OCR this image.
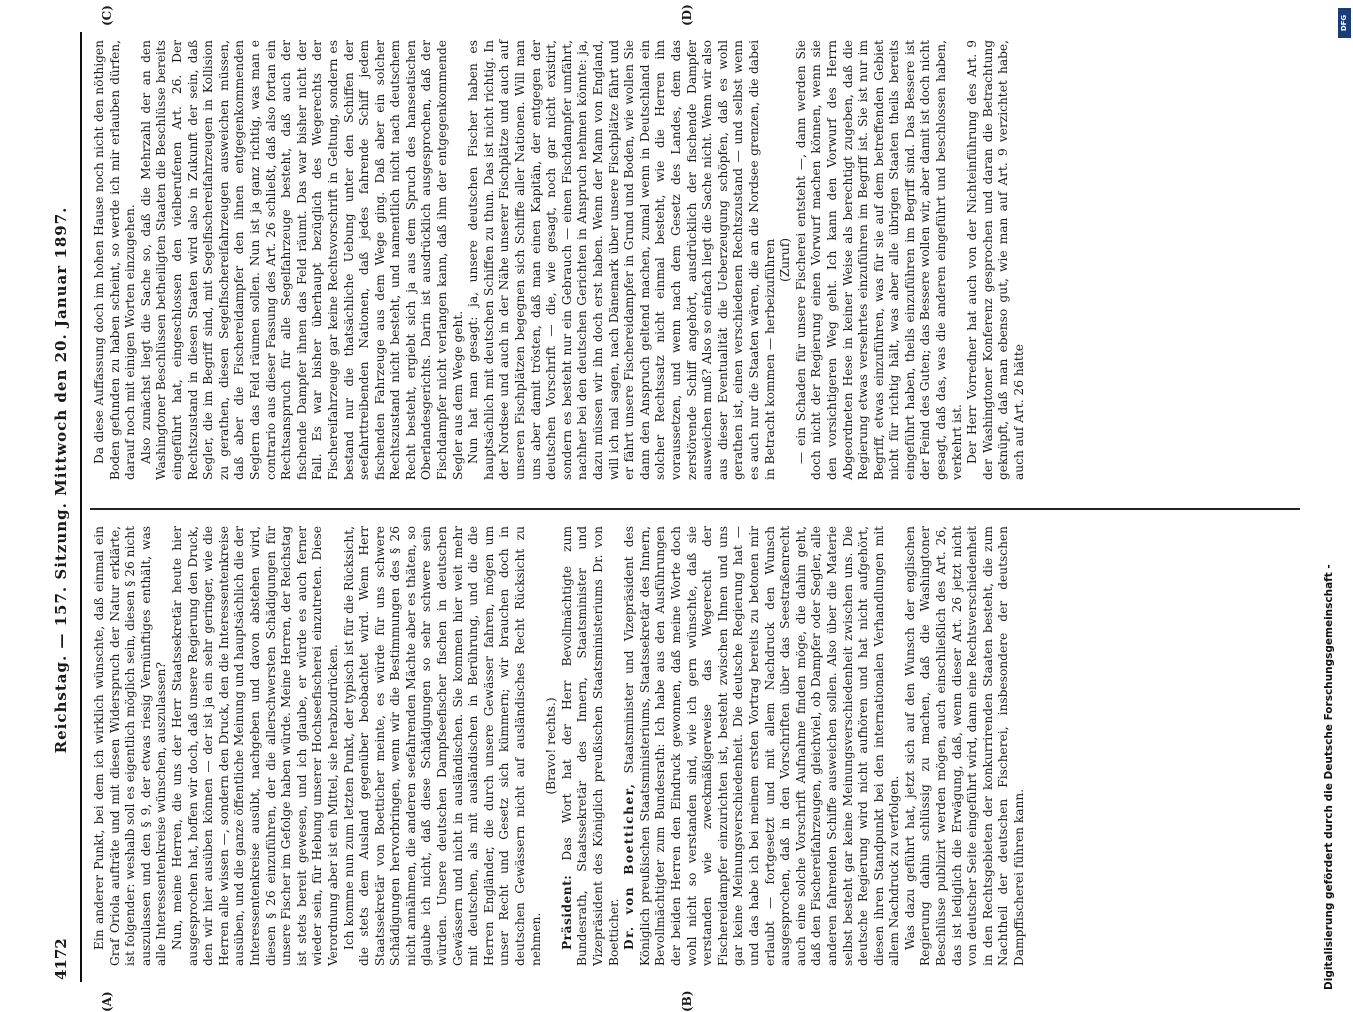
4172
Reichstag. — 157. Sitzung. Mittwoch den 20. Januar 1897.
(A)	(B)
(C)	(D)

Ein anderer Punkt, bei dem ich wirklich wünschte, daß einmal ein Graf Oriola aufträte und mit diesen Widerspruch der Natur erklärte, ist folgender: weshalb soll es eigentlich möglich sein, diesen § 26 nicht auszulassen und den § 9, der etwas riesig Vernünftiges enthält, was alle Interessentenkreise wünschen, auszulassen? Nun, meine Herren, die uns der Herr Staatssekretär heute hier ausgesprochen hat, hoffen wir doch, daß unsere Regierung den Druck, den wir hier ausüben können — der ist ja ein sehr geringer, wie die Herren alle wissen —, sondern den Druck, den die Interessentenkreise ausüben, und die ganze öffentliche Meinung und hauptsächlich die der Interessentenkreise ausübt, nachgeben und davon abstehen wird, diesen § 26 einzuführen, der die allerschwersten Schädigungen für unsere Fischer im Gefolge haben würde. Meine Herren, der Reichstag ist stets bereit gewesen, und ich glaube, er würde es auch ferner wieder sein, für Hebung unserer Hochseefischerei einzutreten. Diese Verordnung aber ist ein Mittel, sie herabzudrücken. Ich komme nun zum letzten Punkt, der typisch ist für die Rücksicht, die stets dem Ausland gegenüber beobachtet wird. Wenn Herr Staatssekretär von Boetticher meinte, es würde für uns schwere Schädigungen hervorbringen, wenn wir die Bestimmungen des § 26 nicht annähmen, die anderen seefahrenden Mächte aber es thäten, so glaube ich nicht, daß diese Schädigungen so sehr schwere sein würden. Unsere deutschen Dampfseefischer fischen in deutschen Gewässern und nicht in ausländischen. Sie kommen hier weit mehr mit deutschen, als mit ausländischen in Berührung, und die die Herren Engländer, die durch unsere Gewässer fahren, mögen um unser Recht und Gesetz sich kümmern; wir brauchen doch in deutschen Gewässern nicht auf ausländisches Recht Rücksicht zu nehmen.

(Bravo! rechts.)

Präsident: Das Wort hat der Herr Bevollmächtigte zum Bundesrath, Staatssekretär des Innern, Staatsminister und Vizepräsident des Königlich preußischen Staatsministeriums Dr. von Boetticher. Dr. von Boetticher, Staatsminister und Vizepräsident des Königlich preußischen Staatsministeriums, Staatssekretär des Innern, Bevollmächtigter zum Bundesrath: Ich habe aus den Ausführungen der beiden Herren den Eindruck gewonnen, daß meine Worte doch wohl nicht so verstanden sind, wie ich gern wünschte, daß sie verstanden wie zweckmäßigerweise das Wegerecht der Fischereidampfer einzurichten ist, besteht zwischen Ihnen und uns gar keine Meinungsverschiedenheit. Die deutsche Regierung hat — und das habe ich bei meinem ersten Vortrag bereits zu betonen mir erlaubt — fortgesetzt und mit allem Nachdruck den Wunsch ausgesprochen, daß in den Vorschriften über das Seestraßenrecht auch eine solche Vorschrift Aufnahme finden möge, die dahin geht, daß den Fischereifahrzeugen, gleichviel, ob Dampfer oder Segler, alle anderen fahrenden Schiffe ausweichen sollen. Also über die Materie selbst besteht gar keine Meinungsverschiedenheit zwischen uns. Die deutsche Regierung wird nicht aufhören und hat nicht aufgehört, diesen ihren Standpunkt bei den internationalen Verhandlungen mit allem Nachdruck zu verfolgen. Was dazu geführt hat, jetzt sich auf den Wunsch der englischen Regierung dahin schlüssig zu machen, daß die Washingtoner Beschlüsse publizirt werden mögen, auch einschließlich des Art. 26, das ist lediglich die Erwägung, daß, wenn dieser Art. 26 jetzt nicht von deutscher Seite eingeführt wird, dann eine Rechtsverschiedenheit in den Rechtsgebieten der konkurrirenden Staaten besteht, die zum Nachtheil der deutschen Fischerei, insbesondere der deutschen Dampffischerei führen kann.

Da diese Auffassung doch im hohen Hause noch nicht den nöthigen Boden gefunden zu haben scheint, so werde ich mir erlauben dürfen, darauf noch mit einigen Worten einzugehen. Also zunächst liegt die Sache so, daß die Mehrzahl der an den Washingtoner Beschlüssen betheiligten Staaten die Beschlüsse bereits eingeführt hat, eingeschlossen den vielberufenen Art. 26. Der Rechtszustand in diesen Staaten wird also in Zukunft der sein, daß Segler, die im Begriff sind, mit Segelfischereifahrzeugen in Kollision zu gerathen, diesen Segelfischereifahrzeugen ausweichen müssen, daß aber die Fischereidampfer den ihnen entgegenkommenden Seglern das Feld räumen sollen. Nun ist ja ganz richtig, was man e contrario aus dieser Fassung des Art. 26 schließt, daß also fortan ein Rechtsanspruch für alle Segelfahrzeuge besteht, daß auch der fischende Dampfer ihnen das Feld räumt. Das war bisher nicht der Fall. Es war bisher überhaupt bezüglich des Wegerechts der Fischereifahrzeuge gar keine Rechtsvorschrift in Geltung, sondern es bestand nur die thatsächliche Uebung unter den Schiffen der seefahrttreibenden Nationen, daß jedes fahrende Schiff jedem fischenden Fahrzeuge aus dem Wege ging. Daß aber ein solcher Rechtszustand nicht besteht, und namentlich nicht nach deutschem Recht besteht, ergiebt sich ja aus dem Spruch des hanseatischen Oberlandesgerichts. Darin ist ausdrücklich ausgesprochen, daß der Fischdampfer nicht verlangen kann, daß ihm der entgegenkommende Segler aus dem Wege geht. Nun hat man gesagt: ja, unsere deutschen Fischer haben es hauptsächlich mit deutschen Schiffen zu thun. Das ist nicht richtig. In der Nordsee und auch in der Nähe unserer Fischplätze und auch auf unseren Fischplätzen begegnen sich Schiffe aller Nationen. Will man uns aber damit trösten, daß man einen Kapitän, der entgegen der deutschen Vorschrift — die, wie gesagt, noch gar nicht existirt, sondern es besteht nur ein Gebrauch — einen Fischdampfer umfährt, nachher bei den deutschen Gerichten in Anspruch nehmen könnte: ja, dazu müssen wir ihn doch erst haben. Wenn der Mann von England, will ich mal sagen, nach Dänemark über unsere Fischplätze fährt und er fährt unsere Fischereidampfer in Grund und Boden, wie wollen Sie dann den Anspruch geltend machen, zumal wenn in Deutschland ein solcher Rechtssatz nicht einmal besteht, wie die Herren ihn voraussetzen, und wenn nach dem Gesetz des Landes, dem das zerstörende Schiff angehört, ausdrücklich der fischende Dampfer ausweichen muß? Also so einfach liegt die Sache nicht. Wenn wir also aus dieser Eventualität die Ueberzeugung schöpfen, daß es wohl gerathen ist, einen verschiedenen Rechtszustand — und selbst wenn es auch nur die Staaten wären, die an die Nordsee grenzen, die dabei in Betracht kommen — herbeizuführen (Zuruf) — ein Schaden für unsere Fischerei entsteht —, dann werden Sie doch nicht der Regierung einen Vorwurf machen können, wenn sie den vorsichtigeren Weg geht. Ich kann den Vorwurf des Herrn Abgeordneten Hese in keiner Weise als berechtigt zugeben, daß die Regierung etwas versehrtes einzuführen im Begriff ist. Sie ist nur im Begriff, etwas einzuführen, was für sie auf dem betreffenden Gebiet nicht für richtig hält, was aber alle übrigen Staaten theils bereits eingeführt haben, theils einzuführen im Begriff sind. Das Bessere ist der Feind des Guten; das Bessere wollen wir, aber damit ist doch nicht gesagt, daß das, was die anderen eingeführt und beschlossen haben, verkehrt ist. Der Herr Vorredner hat auch von der Nichteinführung des Art. 9 der Washingtoner Konferenz gesprochen und daran die Betrachtung geknüpft, daß man ebenso gut, wie man auf Art. 9 verzichtet habe, auch auf Art. 26 hätte

Digitalisierung gefördert durch die Deutsche Forschungsgemeinschaft -
DFG
